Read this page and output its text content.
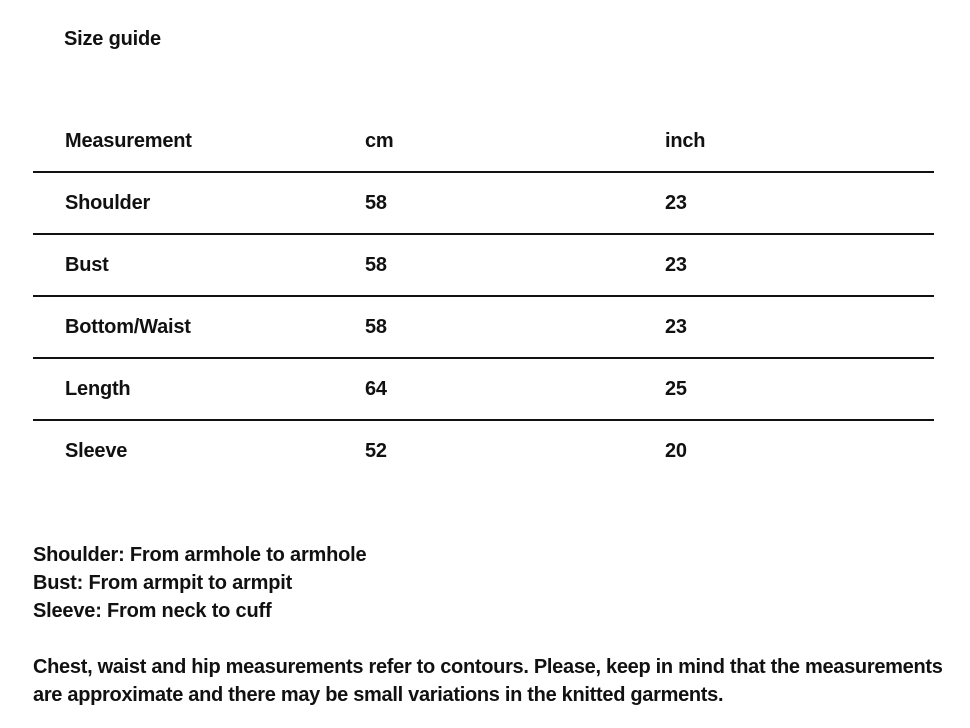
Size guide
Measurement	cm	inch
Shoulder	58	23
Bust	58	23
Bottom/Waist	58	23
Length	64	25
Sleeve	52	20
Shoulder: From armhole to armhole
Bust: From armpit to armpit
Sleeve: From neck to cuff
Chest, waist and hip measurements refer to contours. Please, keep in mind that the measurements are approximate and there may be small variations in the knitted garments.
